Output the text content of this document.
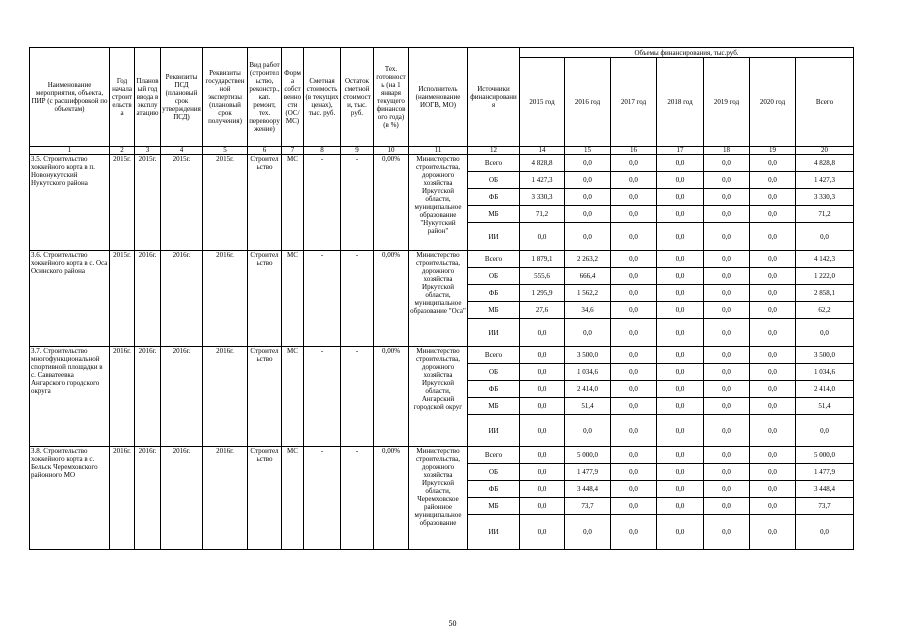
Наименование мероприятия, объекта, ПИР (с расшифровкой по объектам)	Год начала строительства	Плановый год ввода в эксплуатацию	Реквизиты ПСД (плановый срок утверждения ПСД)	Реквизиты государственной экспертизы (плановый срок получения)	Вид работ (строительство, реконстр., кап. ремонт, тех. перевооружение)	Форма собственности (ОС/МС)	Сметная стоимость (в текущих ценах), тыс. руб.	Остаток сметной стоимости, тыс. руб.	Тех. готовность (на 1 января текущего финансового года) (в %)	Исполнитель (наименование ИОГВ, МО)	Источники финансирования	Объемы финансирования, тыс.руб.						
												2015 год	2016 год	2017 год	2018 год	2019 год	2020 год	Всего
1	2	3	4	5	6	7	8	9	10	11	12	14	15	16	17	18	19	20
3.5. Строительство хоккейного корта в п. Новонукутский Нукутского района	2015г.	2015г.	2015г.	2015г.	Строительство	МС	-	-	0,00%	Министерство строительства, дорожного хозяйства Иркутской области, муниципальное образование "Нукутский район"	Всего	4 828,8	0,0	0,0	0,0	0,0	0,0	4 828,8
											ОБ	1 427,3	0,0	0,0	0,0	0,0	0,0	1 427,3
											ФБ	3 330,3	0,0	0,0	0,0	0,0	0,0	3 330,3
											МБ	71,2	0,0	0,0	0,0	0,0	0,0	71,2
											ИИ	0,0	0,0	0,0	0,0	0,0	0,0	0,0
3.6. Строительство хоккейного корта в с. Оса Осинского района	2015г.	2016г.	2016г.	2016г.	Строительство	МС	-	-	0,00%	Министерство строительства, дорожного хозяйства Иркутской области, муниципальное образование "Оса"	Всего	1 879,1	2 263,2	0,0	0,0	0,0	0,0	4 142,3
											ОБ	555,6	666,4	0,0	0,0	0,0	0,0	1 222,0
											ФБ	1 295,9	1 562,2	0,0	0,0	0,0	0,0	2 858,1
											МБ	27,6	34,6	0,0	0,0	0,0	0,0	62,2
											ИИ	0,0	0,0	0,0	0,0	0,0	0,0	0,0
3.7. Строительство многофункциональной спортивной площадки в с. Савватеевка Ангарского городского округа	2016г.	2016г.	2016г.	2016г.	Строительство	МС	-	-	0,00%	Министерство строительства, дорожного хозяйства Иркутской области, Ангарский городской округ	Всего	0,0	3 500,0	0,0	0,0	0,0	0,0	3 500,0
											ОБ	0,0	1 034,6	0,0	0,0	0,0	0,0	1 034,6
											ФБ	0,0	2 414,0	0,0	0,0	0,0	0,0	2 414,0
											МБ	0,0	51,4	0,0	0,0	0,0	0,0	51,4
											ИИ	0,0	0,0	0,0	0,0	0,0	0,0	0,0
3.8. Строительство хоккейного корта в с. Бельск Черемховского районного МО	2016г.	2016г.	2016г.	2016г.	Строительство	МС	-	-	0,00%	Министерство строительства, дорожного хозяйства Иркутской области, Черемховское районное муниципальное образование	Всего	0,0	5 000,0	0,0	0,0	0,0	0,0	5 000,0
											ОБ	0,0	1 477,9	0,0	0,0	0,0	0,0	1 477,9
											ФБ	0,0	3 448,4	0,0	0,0	0,0	0,0	3 448,4
											МБ	0,0	73,7	0,0	0,0	0,0	0,0	73,7
											ИИ	0,0	0,0	0,0	0,0	0,0	0,0	0,0
50
